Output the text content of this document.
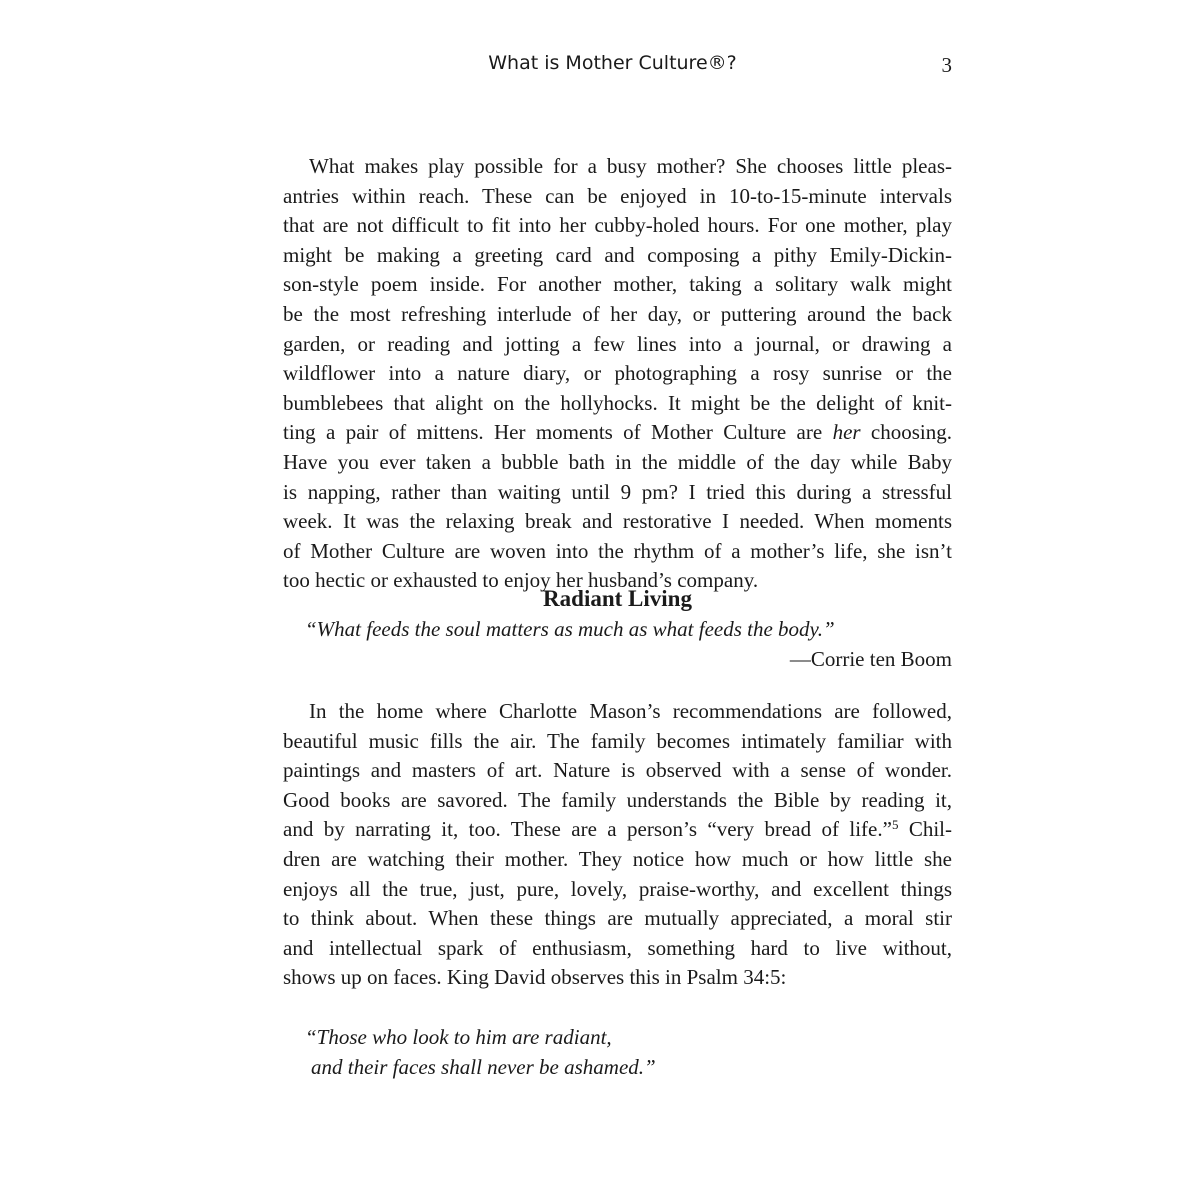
What is Mother Culture®?	3
What makes play possible for a busy mother? She chooses little pleas-
antries within reach. These can be enjoyed in 10-to-15-minute intervals
that are not difficult to fit into her cubby-holed hours. For one mother, play
might be making a greeting card and composing a pithy Emily-Dickin-
son-style poem inside. For another mother, taking a solitary walk might
be the most refreshing interlude of her day, or puttering around the back
garden, or reading and jotting a few lines into a journal, or drawing a
wildflower into a nature diary, or photographing a rosy sunrise or the
bumblebees that alight on the hollyhocks. It might be the delight of knit-
ting a pair of mittens. Her moments of Mother Culture are her choosing.
Have you ever taken a bubble bath in the middle of the day while Baby
is napping, rather than waiting until 9 pm? I tried this during a stressful
week. It was the relaxing break and restorative I needed. When moments
of Mother Culture are woven into the rhythm of a mother’s life, she isn’t
too hectic or exhausted to enjoy her husband’s company.
Radiant Living
“What feeds the soul matters as much as what feeds the body.”
—Corrie ten Boom
In the home where Charlotte Mason’s recommendations are followed,
beautiful music fills the air. The family becomes intimately familiar with
paintings and masters of art. Nature is observed with a sense of wonder.
Good books are savored. The family understands the Bible by reading it,
and by narrating it, too. These are a person’s “very bread of life.”$^5$ Chil-
dren are watching their mother. They notice how much or how little she
enjoys all the true, just, pure, lovely, praise-worthy, and excellent things
to think about. When these things are mutually appreciated, a moral stir
and intellectual spark of enthusiasm, something hard to live without,
shows up on faces. King David observes this in Psalm 34:5:
“Those who look to him are radiant,
and their faces shall never be ashamed.”
